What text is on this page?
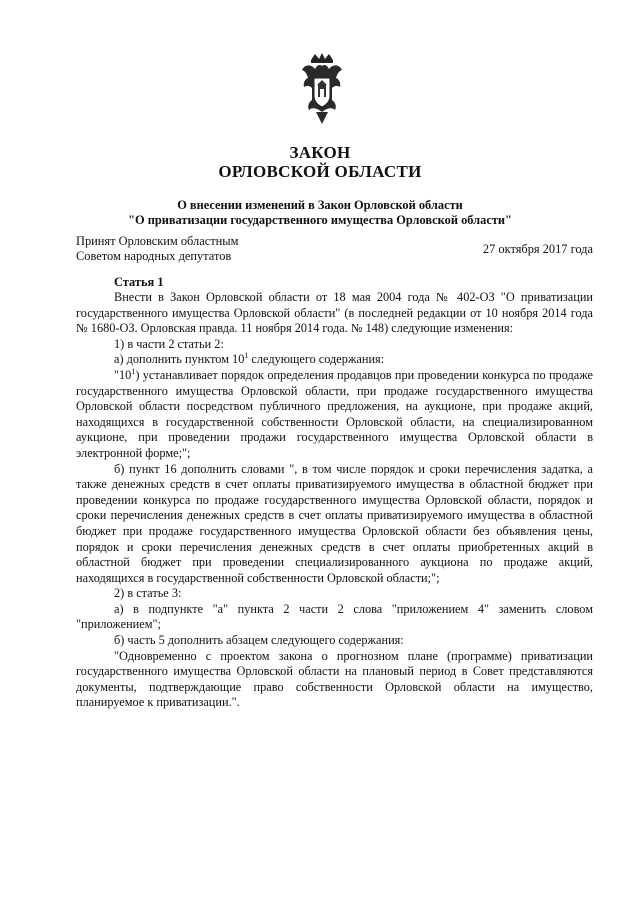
ЗАКОН
ОРЛОВСКОЙ ОБЛАСТИ
О внесении изменений в Закон Орловской области
"О приватизации государственного имущества Орловской области"
Принят Орловским областным
Советом народных депутатов	27 октября 2017 года
Статья 1

Внести в Закон Орловской области от 18 мая 2004 года № 402-ОЗ "О приватизации государственного имущества Орловской области" (в последней редакции от 10 ноября 2014 года № 1680-ОЗ. Орловская правда. 11 ноября 2014 года. № 148) следующие изменения:

1) в части 2 статьи 2:

а) дополнить пунктом $10^1$ следующего содержания:

"$10^1$) устанавливает порядок определения продавцов при проведении конкурса по продаже государственного имущества Орловской области, при продаже государственного имущества Орловской области посредством публичного предложения, на аукционе, при продаже акций, находящихся в государственной собственности Орловской области, на специализированном аукционе, при проведении продажи государственного имущества Орловской области в электронной форме;";

б) пункт 16 дополнить словами ", в том числе порядок и сроки перечисления задатка, а также денежных средств в счет оплаты приватизируемого имущества в областной бюджет при проведении конкурса по продаже государственного имущества Орловской области, порядок и сроки перечисления денежных средств в счет оплаты приватизируемого имущества в областной бюджет при продаже государственного имущества Орловской области без объявления цены, порядок и сроки перечисления денежных средств в счет оплаты приобретенных акций в областной бюджет при проведении специализированного аукциона по продаже акций, находящихся в государственной собственности Орловской области;";

2) в статье 3:

а) в подпункте "а" пункта 2 части 2 слова "приложением 4" заменить словом "приложением";

б) часть 5 дополнить абзацем следующего содержания:

"Одновременно с проектом закона о прогнозном плане (программе) приватизации государственного имущества Орловской области на плановый период в Совет представляются документы, подтверждающие право собственности Орловской области на имущество, планируемое к приватизации.".
